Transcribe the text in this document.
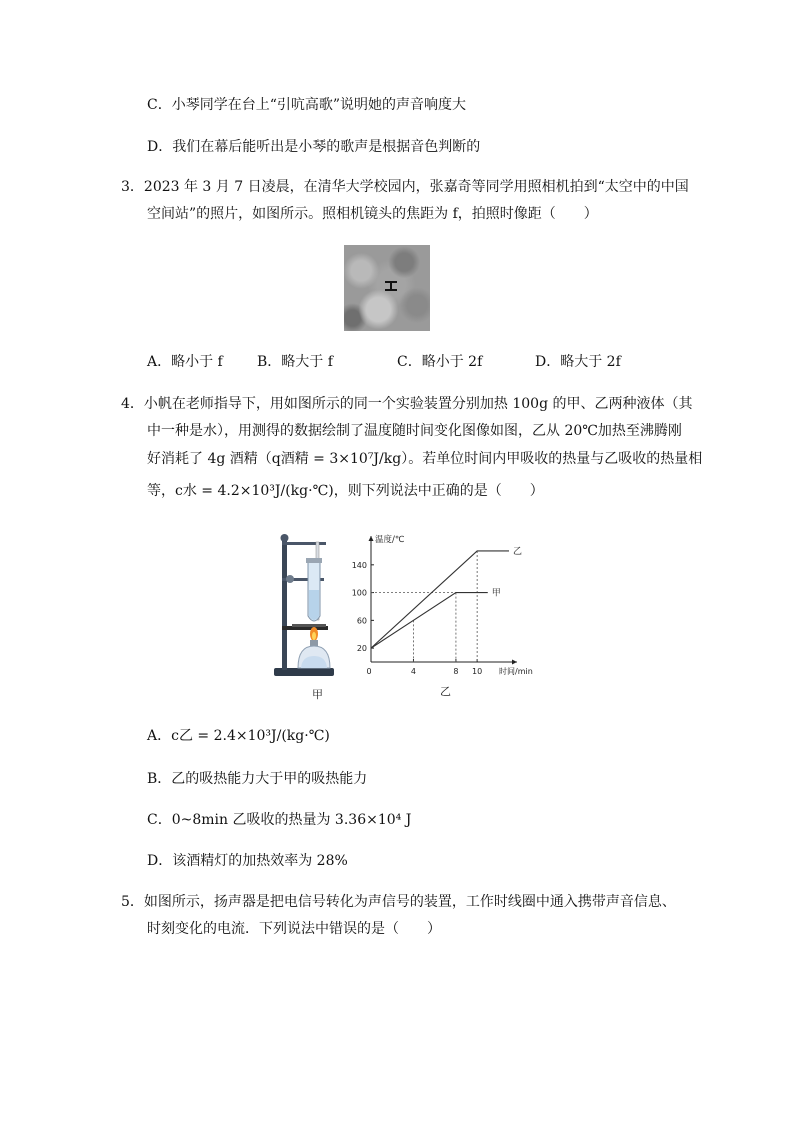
C．小琴同学在台上“引吭高歌”说明她的声音响度大
D．我们在幕后能听出是小琴的歌声是根据音色判断的
3．2023 年 3 月 7 日凌晨，在清华大学校园内，张嘉奇等同学用照相机拍到“太空中的中国
空间站”的照片，如图所示。照相机镜头的焦距为 f，拍照时像距（　　）
A．略小于 f B．略大于 f	C．略小于 2f	D．略大于 2f
4．小帆在老师指导下，用如图所示的同一个实验装置分别加热 100g 的甲、乙两种液体（其
中一种是水），用测得的数据绘制了温度随时间变化图像如图，乙从 20℃加热至沸腾刚
好消耗了 4g 酒精（q酒精 = 3×10⁷J/kg）。若单位时间内甲吸收的热量与乙吸收的热量相
等，c水 = 4.2×10³J/(kg·℃)，则下列说法中正确的是（　　）
甲
0	4	8 10
20
60
100
140
乙
甲
温度/℃
时间/min
乙
A．c乙 = 2.4×10³J/(kg·℃)
B．乙的吸热能力大于甲的吸热能力
C．0~8min 乙吸收的热量为 3.36×10⁴ J
D．该酒精灯的加热效率为 28%
5．如图所示，扬声器是把电信号转化为声信号的装置，工作时线圈中通入携带声音信息、
时刻变化的电流．下列说法中错误的是（　　）
